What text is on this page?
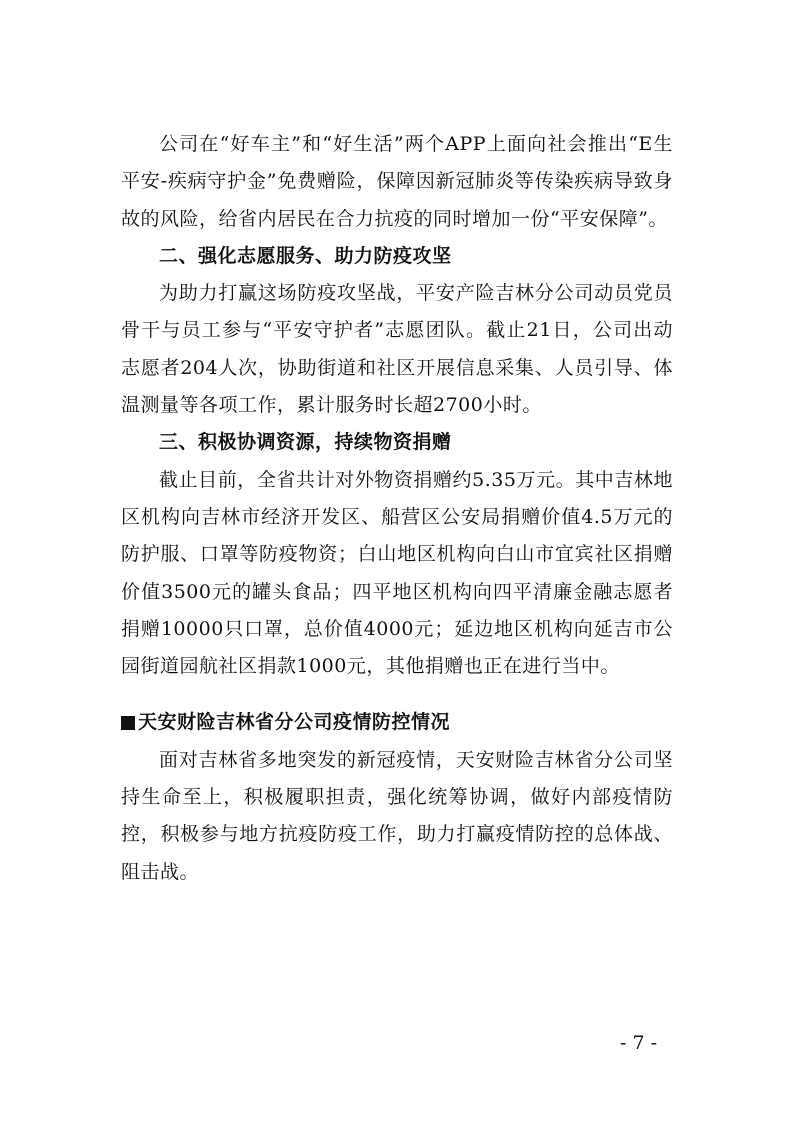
公司在“好车主”和“好生活”两个APP上面向社会推出“E生平安-疾病守护金”免费赠险，保障因新冠肺炎等传染疾病导致身故的风险，给省内居民在合力抗疫的同时增加一份“平安保障”。

二、强化志愿服务、助力防疫攻坚

为助力打赢这场防疫攻坚战，平安产险吉林分公司动员党员骨干与员工参与“平安守护者”志愿团队。截止21日，公司出动志愿者204人次，协助街道和社区开展信息采集、人员引导、体温测量等各项工作，累计服务时长超2700小时。

三、积极协调资源，持续物资捐赠

截止目前，全省共计对外物资捐赠约5.35万元。其中吉林地区机构向吉林市经济开发区、船营区公安局捐赠价值4.5万元的防护服、口罩等防疫物资；白山地区机构向白山市宜宾社区捐赠价值3500元的罐头食品；四平地区机构向四平清廉金融志愿者捐赠10000只口罩，总价值4000元；延边地区机构向延吉市公园街道园航社区捐款1000元，其他捐赠也正在进行当中。

天安财险吉林省分公司疫情防控情况

面对吉林省多地突发的新冠疫情，天安财险吉林省分公司坚持生命至上，积极履职担责，强化统筹协调，做好内部疫情防控，积极参与地方抗疫防疫工作，助力打赢疫情防控的总体战、阻击战。

- 7 -
